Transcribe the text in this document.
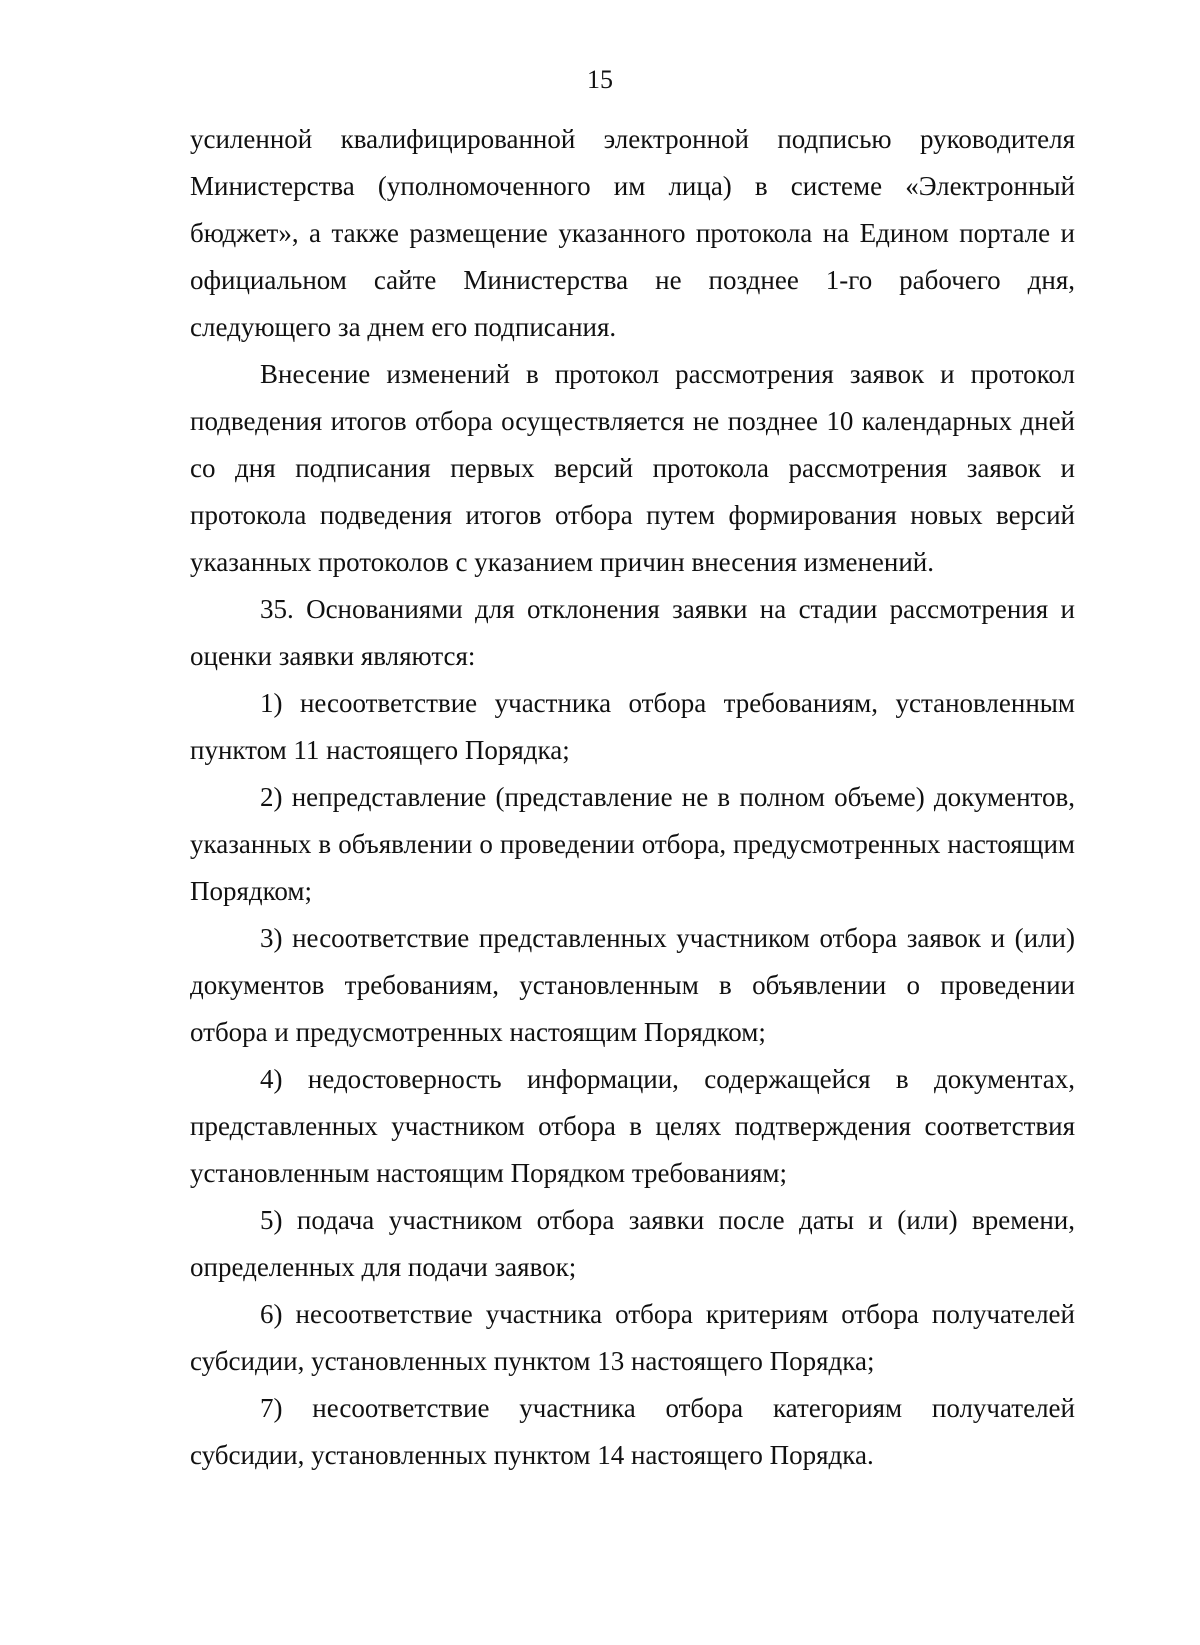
15

усиленной квалифицированной электронной подписью руководителя Министерства (уполномоченного им лица) в системе «Электронный бюджет», а также размещение указанного протокола на Едином портале и официальном сайте Министерства не позднее 1-го рабочего дня, следующего за днем его подписания.

Внесение изменений в протокол рассмотрения заявок и протокол подведения итогов отбора осуществляется не позднее 10 календарных дней со дня подписания первых версий протокола рассмотрения заявок и протокола подведения итогов отбора путем формирования новых версий указанных протоколов с указанием причин внесения изменений.

35. Основаниями для отклонения заявки на стадии рассмотрения и оценки заявки являются:

1) несоответствие участника отбора требованиям, установленным пунктом 11 настоящего Порядка;

2) непредставление (представление не в полном объеме) документов, указанных в объявлении о проведении отбора, предусмотренных настоящим Порядком;

3) несоответствие представленных участником отбора заявок и (или) документов требованиям, установленным в объявлении о проведении отбора и предусмотренных настоящим Порядком;

4) недостоверность информации, содержащейся в документах, представленных участником отбора в целях подтверждения соответствия установленным настоящим Порядком требованиям;

5) подача участником отбора заявки после даты и (или) времени, определенных для подачи заявок;

6) несоответствие участника отбора критериям отбора получателей субсидии, установленных пунктом 13 настоящего Порядка;

7) несоответствие участника отбора категориям получателей субсидии, установленных пунктом 14 настоящего Порядка.
